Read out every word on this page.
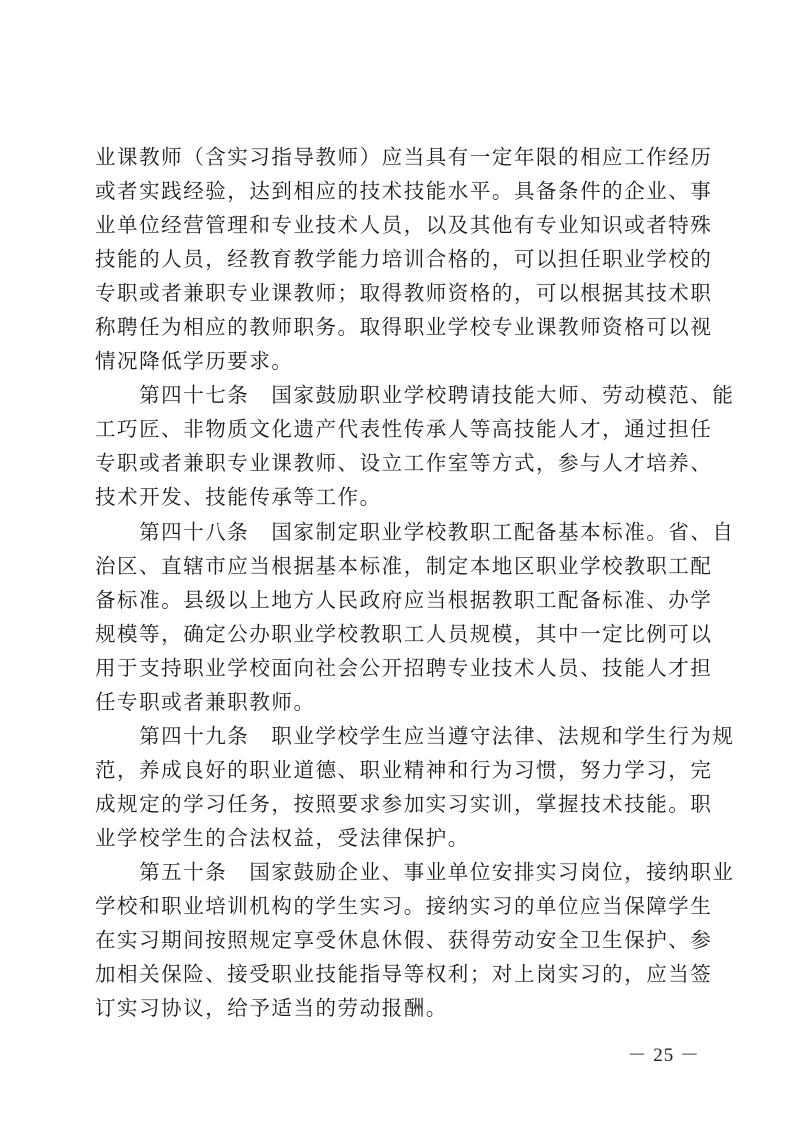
业课教师（含实习指导教师）应当具有一定年限的相应工作经历
或者实践经验，达到相应的技术技能水平。具备条件的企业、事
业单位经营管理和专业技术人员，以及其他有专业知识或者特殊
技能的人员，经教育教学能力培训合格的，可以担任职业学校的
专职或者兼职专业课教师；取得教师资格的，可以根据其技术职
称聘任为相应的教师职务。取得职业学校专业课教师资格可以视
情况降低学历要求。
　　第四十七条　国家鼓励职业学校聘请技能大师、劳动模范、能
工巧匠、非物质文化遗产代表性传承人等高技能人才，通过担任
专职或者兼职专业课教师、设立工作室等方式，参与人才培养、
技术开发、技能传承等工作。
　　第四十八条　国家制定职业学校教职工配备基本标准。省、自
治区、直辖市应当根据基本标准，制定本地区职业学校教职工配
备标准。县级以上地方人民政府应当根据教职工配备标准、办学
规模等，确定公办职业学校教职工人员规模，其中一定比例可以
用于支持职业学校面向社会公开招聘专业技术人员、技能人才担
任专职或者兼职教师。
　　第四十九条　职业学校学生应当遵守法律、法规和学生行为规
范，养成良好的职业道德、职业精神和行为习惯，努力学习，完
成规定的学习任务，按照要求参加实习实训，掌握技术技能。职
业学校学生的合法权益，受法律保护。
　　第五十条　国家鼓励企业、事业单位安排实习岗位，接纳职业
学校和职业培训机构的学生实习。接纳实习的单位应当保障学生
在实习期间按照规定享受休息休假、获得劳动安全卫生保护、参
加相关保险、接受职业技能指导等权利；对上岗实习的，应当签
订实习协议，给予适当的劳动报酬。
－ 25 －
